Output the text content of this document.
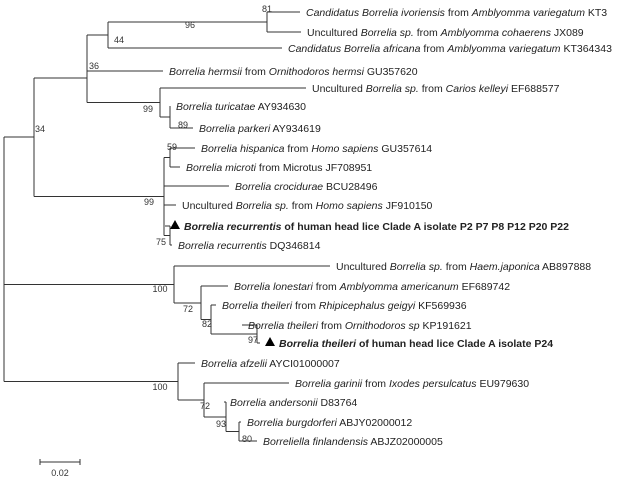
Candidatus Borrelia ivoriensis from Amblyomma variegatum KT3
Uncultured Borrelia sp. from Amblyomma cohaerens JX089
Candidatus Borrelia africana from Amblyomma variegatum KT364343
Borrelia hermsii from Ornithodoros hermsi GU357620
Uncultured Borrelia sp. from Carios kelleyi EF688577
Borrelia turicatae AY934630
Borrelia parkeri AY934619
Borrelia hispanica from Homo sapiens GU357614
Borrelia microti from Microtus JF708951
Borrelia crocidurae BCU28496
Uncultured Borrelia sp. from Homo sapiens JF910150
Borrelia recurrentis of human head lice Clade A isolate P2 P7 P8 P12 P20 P22
Borrelia recurrentis DQ346814
Uncultured Borrelia sp. from Haem.japonica AB897888
Borrelia lonestari from Amblyomma americanum EF689742
Borrelia theileri from Rhipicephalus geigyi KF569936
Borrelia theileri from Ornithodoros sp KP191621
Borrelia theileri of human head lice Clade A isolate P24
Borrelia afzelii AYCI01000007
Borrelia garinii from Ixodes persulcatus EU979630
Borrelia andersonii D83764
Borrelia burgdorferi ABJY02000012
Borreliella finlandensis ABJZ02000005
81
96
44
36
99
89
34
59
99
75
100
72
82
97
100
72
93
80
0.02
